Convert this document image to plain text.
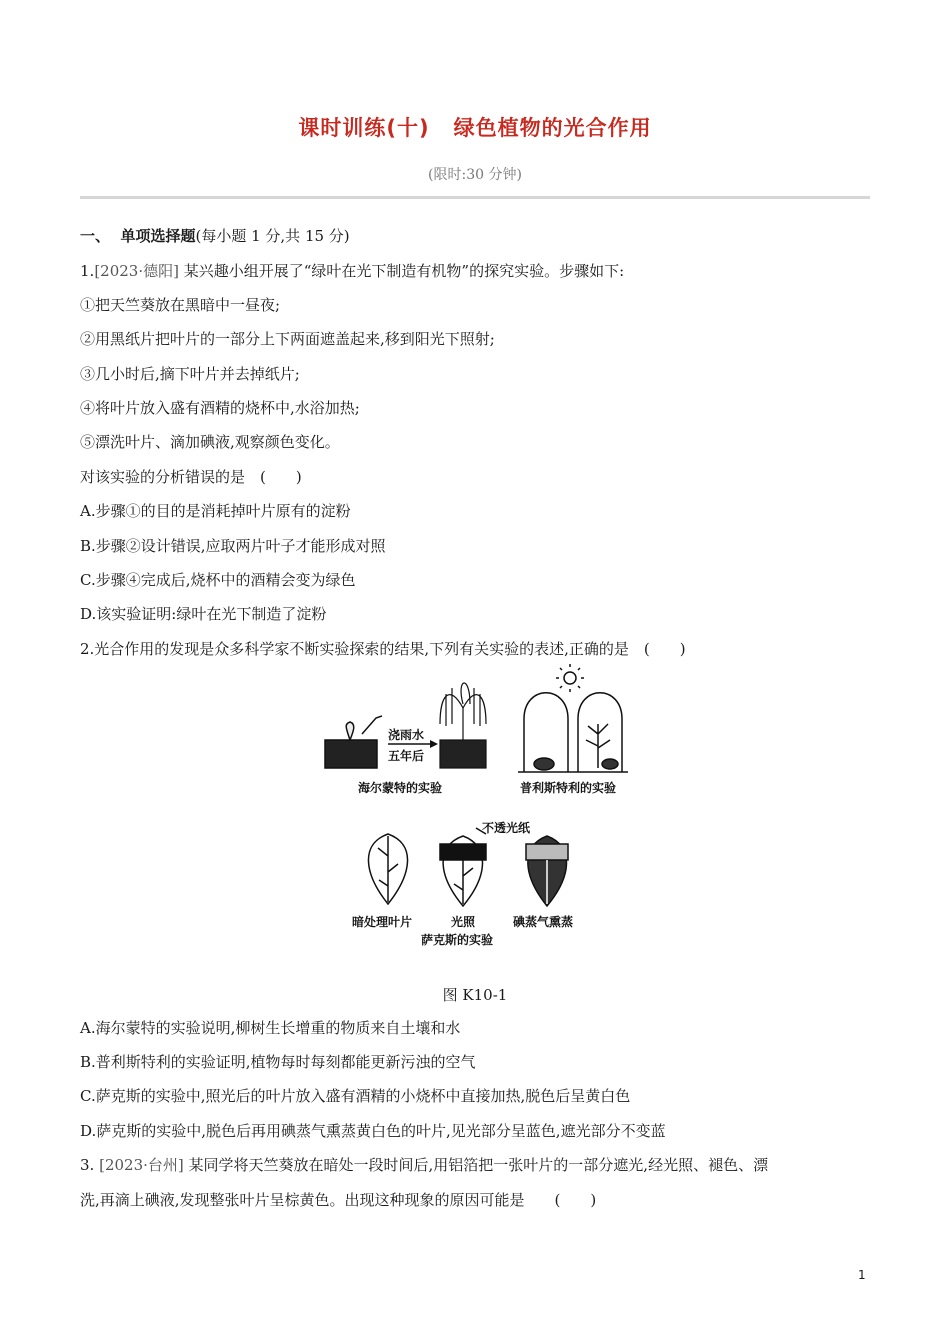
课时训练(十) 绿色植物的光合作用
(限时:30 分钟)
一、 单项选择题(每小题 1 分,共 15 分)
1.[2023·德阳] 某兴趣小组开展了“绿叶在光下制造有机物”的探究实验。步骤如下:
①把天竺葵放在黑暗中一昼夜;
②用黑纸片把叶片的一部分上下两面遮盖起来,移到阳光下照射;
③几小时后,摘下叶片并去掉纸片;
④将叶片放入盛有酒精的烧杯中,水浴加热;
⑤漂洗叶片、滴加碘液,观察颜色变化。
对该实验的分析错误的是　(　　)
A.步骤①的目的是消耗掉叶片原有的淀粉
B.步骤②设计错误,应取两片叶子才能形成对照
C.步骤④完成后,烧杯中的酒精会变为绿色
D.该实验证明:绿叶在光下制造了淀粉
2.光合作用的发现是众多科学家不断实验探索的结果,下列有关实验的表述,正确的是　(　　)
浇雨水
五年后
海尔蒙特的实验	普利斯特利的实验
不透光纸
暗处理叶片	光照	碘蒸气熏蒸
萨克斯的实验
图 K10-1
A.海尔蒙特的实验说明,柳树生长增重的物质来自土壤和水
B.普利斯特利的实验证明,植物每时每刻都能更新污浊的空气
C.萨克斯的实验中,照光后的叶片放入盛有酒精的小烧杯中直接加热,脱色后呈黄白色
D.萨克斯的实验中,脱色后再用碘蒸气熏蒸黄白色的叶片,见光部分呈蓝色,遮光部分不变蓝
3. [2023·台州] 某同学将天竺葵放在暗处一段时间后,用铝箔把一张叶片的一部分遮光,经光照、褪色、漂
洗,再滴上碘液,发现整张叶片呈棕黄色。出现这种现象的原因可能是　　(　　)
1
